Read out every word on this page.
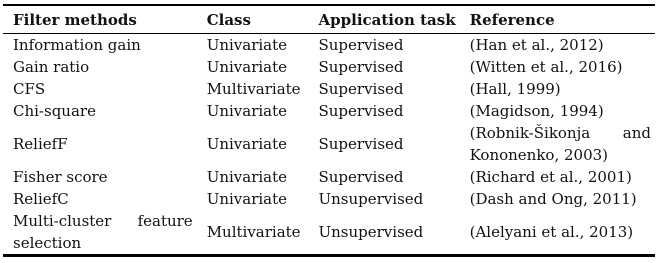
Filter methods	Class	Application task	Reference
Information gain	Univariate	Supervised	(Han et al., 2012)
Gain ratio	Univariate	Supervised	(Witten et al., 2016)
CFS	Multivariate	Supervised	(Hall, 1999)
Chi-square	Univariate	Supervised	(Magidson, 1994)
ReliefF	Univariate	Supervised	(Robnik-Šikonja and Kononenko, 2003)
Fisher score	Univariate	Supervised	(Richard et al., 2001)
ReliefC	Univariate	Unsupervised	(Dash and Ong, 2011)
Multi-cluster feature selection	Multivariate	Unsupervised	(Alelyani et al., 2013)
